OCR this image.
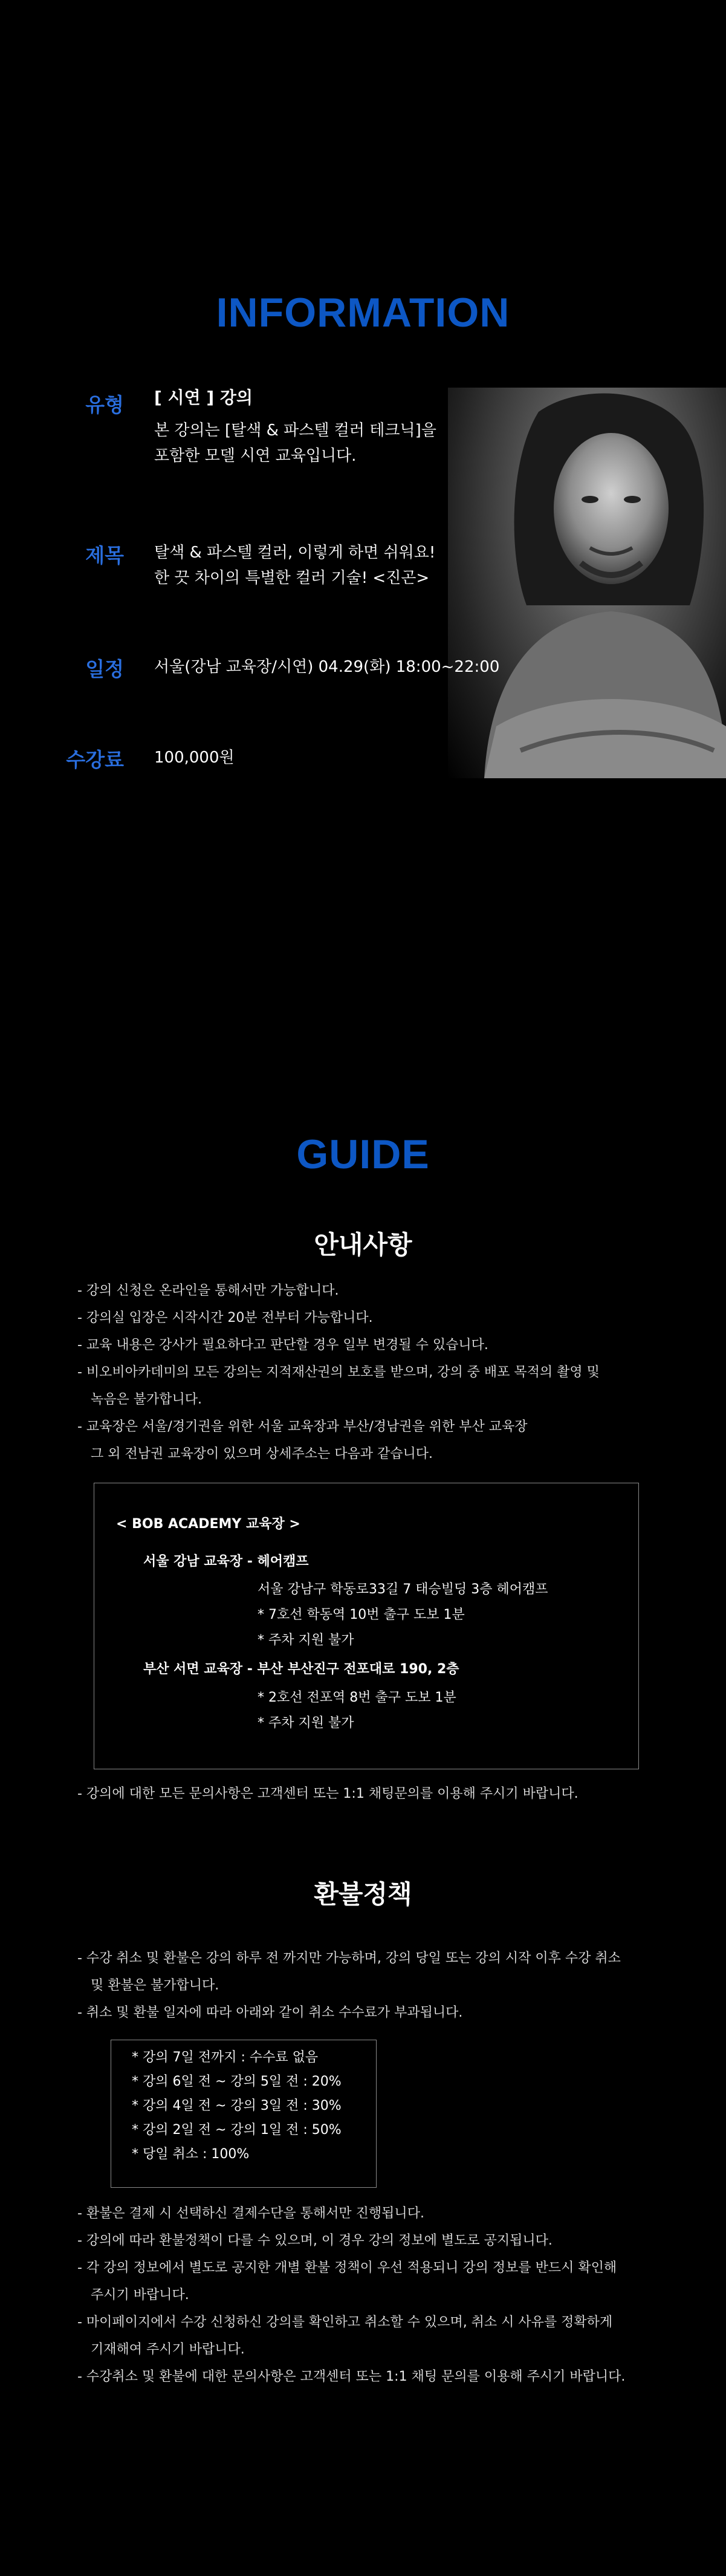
INFORMATION
유형 [ 시연 ] 강의
본 강의는 [탈색 & 파스텔 컬러 테크닉]을
포함한 모델 시연 교육입니다.
제목 탈색 & 파스텔 컬러, 이렇게 하면 쉬워요!
한 끗 차이의 특별한 컬러 기술! <진곤>
일정 서울(강남 교육장/시연) 04.29(화) 18:00~22:00
수강료 100,000원
GUIDE
안내사항
- 강의 신청은 온라인을 통해서만 가능합니다.
- 강의실 입장은 시작시간 20분 전부터 가능합니다.
- 교육 내용은 강사가 필요하다고 판단할 경우 일부 변경될 수 있습니다.
- 비오비아카데미의 모든 강의는 지적재산권의 보호를 받으며, 강의 중 배포 목적의 촬영 및
녹음은 불가합니다.
- 교육장은 서울/경기권을 위한 서울 교육장과 부산/경남권을 위한 부산 교육장
그 외 전남권 교육장이 있으며 상세주소는 다음과 같습니다.
< BOB ACADEMY 교육장 >
서울 강남 교육장 - 헤어캠프
서울 강남구 학동로33길 7 태승빌딩 3층 헤어캠프
* 7호선 학동역 10번 출구 도보 1분
* 주차 지원 불가
부산 서면 교육장 - 부산 부산진구 전포대로 190, 2층
* 2호선 전포역 8번 출구 도보 1분
* 주차 지원 불가
- 강의에 대한 모든 문의사항은 고객센터 또는 1:1 채팅문의를 이용해 주시기 바랍니다.
환불정책
- 수강 취소 및 환불은 강의 하루 전 까지만 가능하며, 강의 당일 또는 강의 시작 이후 수강 취소
및 환불은 불가합니다.
- 취소 및 환불 일자에 따라 아래와 같이 취소 수수료가 부과됩니다.
* 강의 7일 전까지 : 수수료 없음
* 강의 6일 전 ~ 강의 5일 전 : 20%
* 강의 4일 전 ~ 강의 3일 전 : 30%
* 강의 2일 전 ~ 강의 1일 전 : 50%
* 당일 취소 : 100%
- 환불은 결제 시 선택하신 결제수단을 통해서만 진행됩니다.
- 강의에 따라 환불정책이 다를 수 있으며, 이 경우 강의 정보에 별도로 공지됩니다.
- 각 강의 정보에서 별도로 공지한 개별 환불 정책이 우선 적용되니 강의 정보를 반드시 확인해
주시기 바랍니다.
- 마이페이지에서 수강 신청하신 강의를 확인하고 취소할 수 있으며, 취소 시 사유를 정확하게
기재해여 주시기 바랍니다.
- 수강취소 및 환불에 대한 문의사항은 고객센터 또는 1:1 채팅 문의를 이용해 주시기 바랍니다.
